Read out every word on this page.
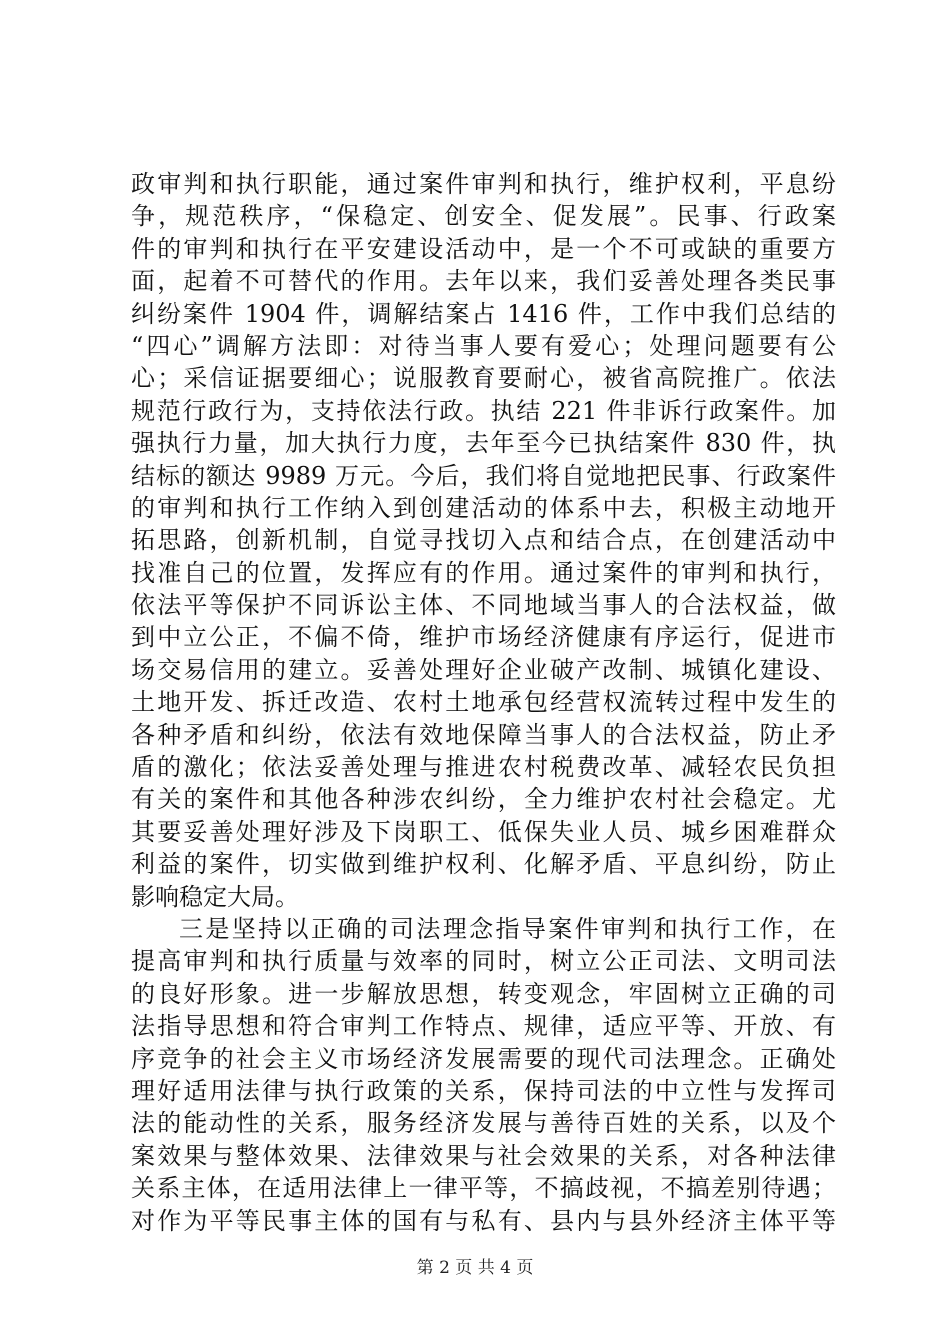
政审判和执行职能，通过案件审判和执行，维护权利，平息纷
争，规范秩序，“保稳定、创安全、促发展”。民事、行政案
件的审判和执行在平安建设活动中，是一个不可或缺的重要方
面，起着不可替代的作用。去年以来，我们妥善处理各类民事
纠纷案件 1904 件，调解结案占 1416 件，工作中我们总结的
“四心”调解方法即：对待当事人要有爱心；处理问题要有公
心；采信证据要细心；说服教育要耐心，被省高院推广。依法
规范行政行为，支持依法行政。执结 221 件非诉行政案件。加
强执行力量，加大执行力度，去年至今已执结案件 830 件，执
结标的额达 9989 万元。今后，我们将自觉地把民事、行政案件
的审判和执行工作纳入到创建活动的体系中去，积极主动地开
拓思路，创新机制，自觉寻找切入点和结合点，在创建活动中
找准自己的位置，发挥应有的作用。通过案件的审判和执行，
依法平等保护不同诉讼主体、不同地域当事人的合法权益，做
到中立公正，不偏不倚，维护市场经济健康有序运行，促进市
场交易信用的建立。妥善处理好企业破产改制、城镇化建设、
土地开发、拆迁改造、农村土地承包经营权流转过程中发生的
各种矛盾和纠纷，依法有效地保障当事人的合法权益，防止矛
盾的激化；依法妥善处理与推进农村税费改革、减轻农民负担
有关的案件和其他各种涉农纠纷，全力维护农村社会稳定。尤
其要妥善处理好涉及下岗职工、低保失业人员、城乡困难群众
利益的案件，切实做到维护权利、化解矛盾、平息纠纷，防止
影响稳定大局。
三是坚持以正确的司法理念指导案件审判和执行工作，在
提高审判和执行质量与效率的同时，树立公正司法、文明司法
的良好形象。进一步解放思想，转变观念，牢固树立正确的司
法指导思想和符合审判工作特点、规律，适应平等、开放、有
序竞争的社会主义市场经济发展需要的现代司法理念。正确处
理好适用法律与执行政策的关系，保持司法的中立性与发挥司
法的能动性的关系，服务经济发展与善待百姓的关系，以及个
案效果与整体效果、法律效果与社会效果的关系，对各种法律
关系主体，在适用法律上一律平等，不搞歧视，不搞差别待遇；
对作为平等民事主体的国有与私有、县内与县外经济主体平等
第 2 页 共 4 页
